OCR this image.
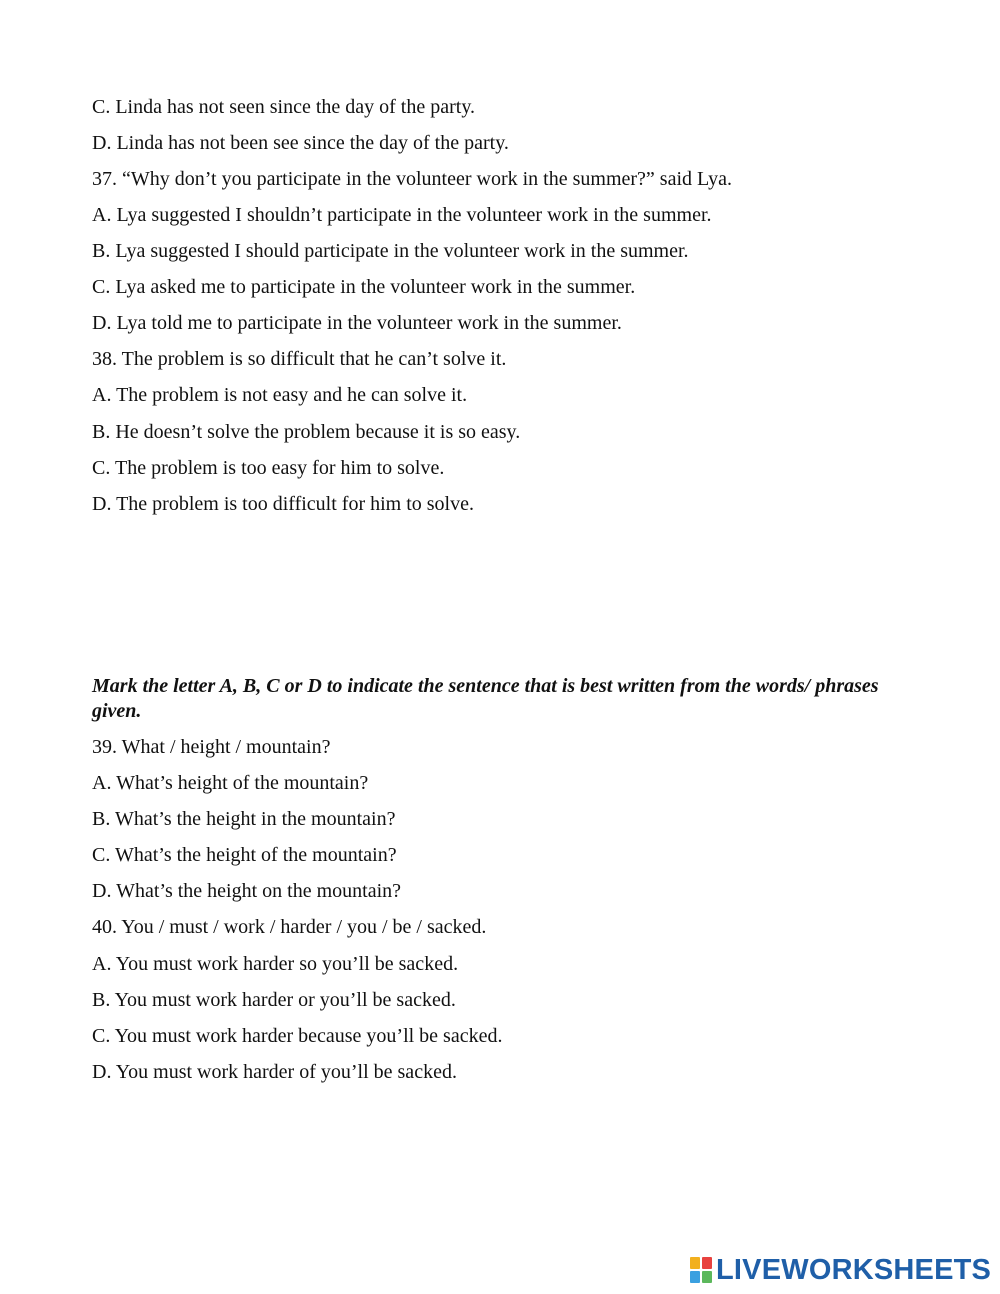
C. Linda has not seen since the day of the party.
D. Linda has not been see since the day of the party.
37. “Why don’t you participate in the volunteer work in the summer?” said Lya.
A. Lya suggested I shouldn’t participate in the volunteer work in the summer.
B. Lya suggested I should participate in the volunteer work in the summer.
C. Lya asked me to participate in the volunteer work in the summer.
D. Lya told me to participate in the volunteer work in the summer.
38. The problem is so difficult that he can’t solve it.
A. The problem is not easy and he can solve it.
B. He doesn’t solve the problem because it is so easy.
C. The problem is too easy for him to solve.
D. The problem is too difficult for him to solve.
Mark the letter A, B, C or D to indicate the sentence that is best written from the words/ phrases given.
39. What / height / mountain?
A. What’s height of the mountain?
B. What’s the height in the mountain?
C. What’s the height of the mountain?
D. What’s the height on the mountain?
40. You / must / work / harder / you / be / sacked.
A. You must work harder so you’ll be sacked.
B. You must work harder or you’ll be sacked.
C. You must work harder because you’ll be sacked.
D. You must work harder of you’ll be sacked.
LIVEWORKSHEETS
